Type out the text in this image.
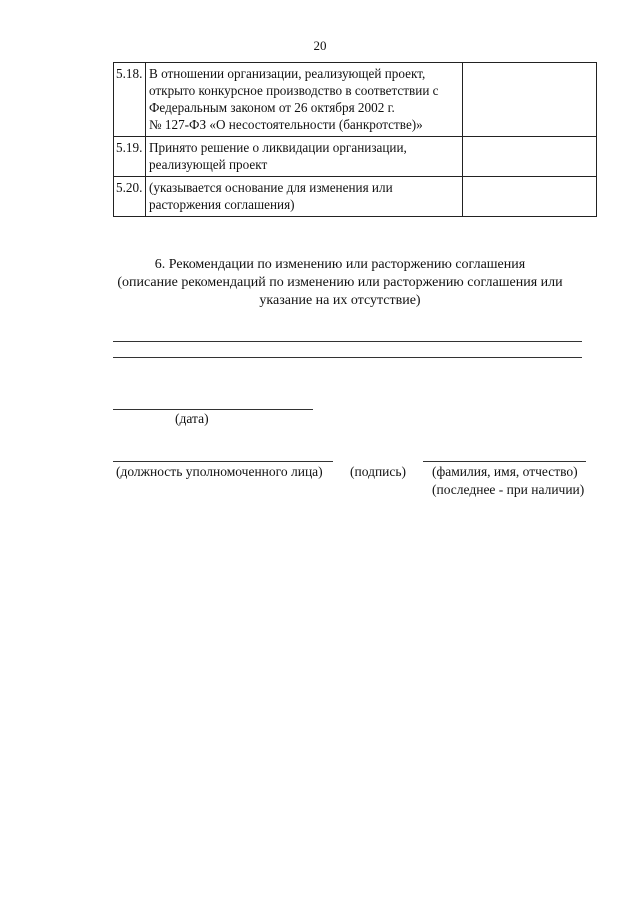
20
5.18.	В отношении организации, реализующей проект,
открыто конкурсное производство в соответствии с
Федеральным законом от 26 октября 2002 г.
№ 127-ФЗ «О несостоятельности (банкротстве)»	

5.19.	Принято решение о ликвидации организации,
реализующей проект	

5.20.	(указывается основание для изменения или
расторжения соглашения)	

6. Рекомендации по изменению или расторжению соглашения
(описание рекомендаций по изменению или расторжению соглашения или
указание на их отсутствие)
(дата)
(должность уполномоченного лица) (подпись) (фамилия, имя, отчество)
(последнее - при наличии)
